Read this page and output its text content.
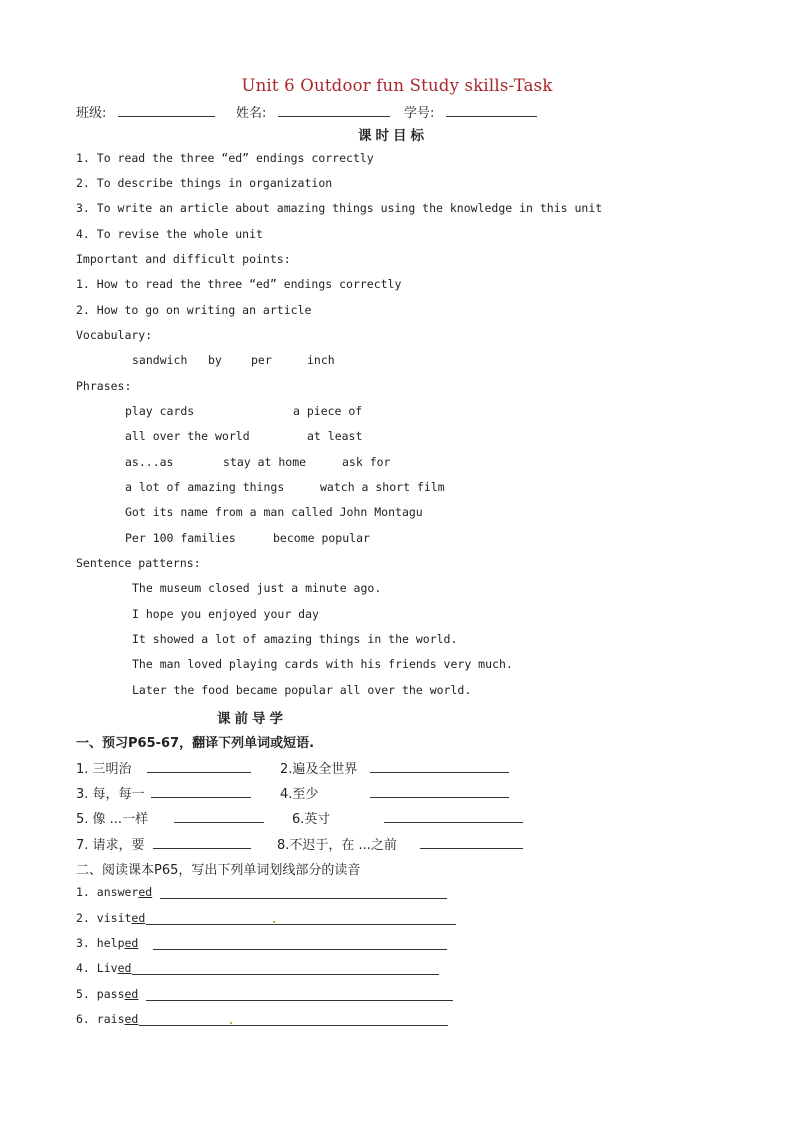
Unit 6 Outdoor fun Study skills-Task
班级:	姓名:	学号:
课时目标
1. To read the three “ed” endings correctly
2. To describe things in organization
3. To write an article about amazing things using the knowledge in this unit
4. To revise the whole unit
Important and difficult points:
1. How to read the three “ed” endings correctly
2. How to go on writing an article
Vocabulary:
sandwich by	per	inch
Phrases:
play cards	a piece of
all over the world	at least
as...as	stay at home	ask for
a lot of amazing things	watch a short film
Got its name from a man called John Montagu
Per 100 families	become popular
Sentence patterns:
The museum closed just a minute ago.
I hope you enjoyed your day
It showed a lot of amazing things in the world.
The man loved playing cards with his friends very much.
Later the food became popular all over the world.
课前导学
一、预习P65-67，翻译下列单词或短语.
1. 三明治	2.遍及全世界
3. 每，每一	4.至少
5. 像 ...一样	6.英寸
7. 请求，要	8.不迟于，在 ...之前
二、阅读课本P65，写出下列单词划线部分的读音
1. answered
2. visited
3. helped
4. Lived
5. passed
6. raised
